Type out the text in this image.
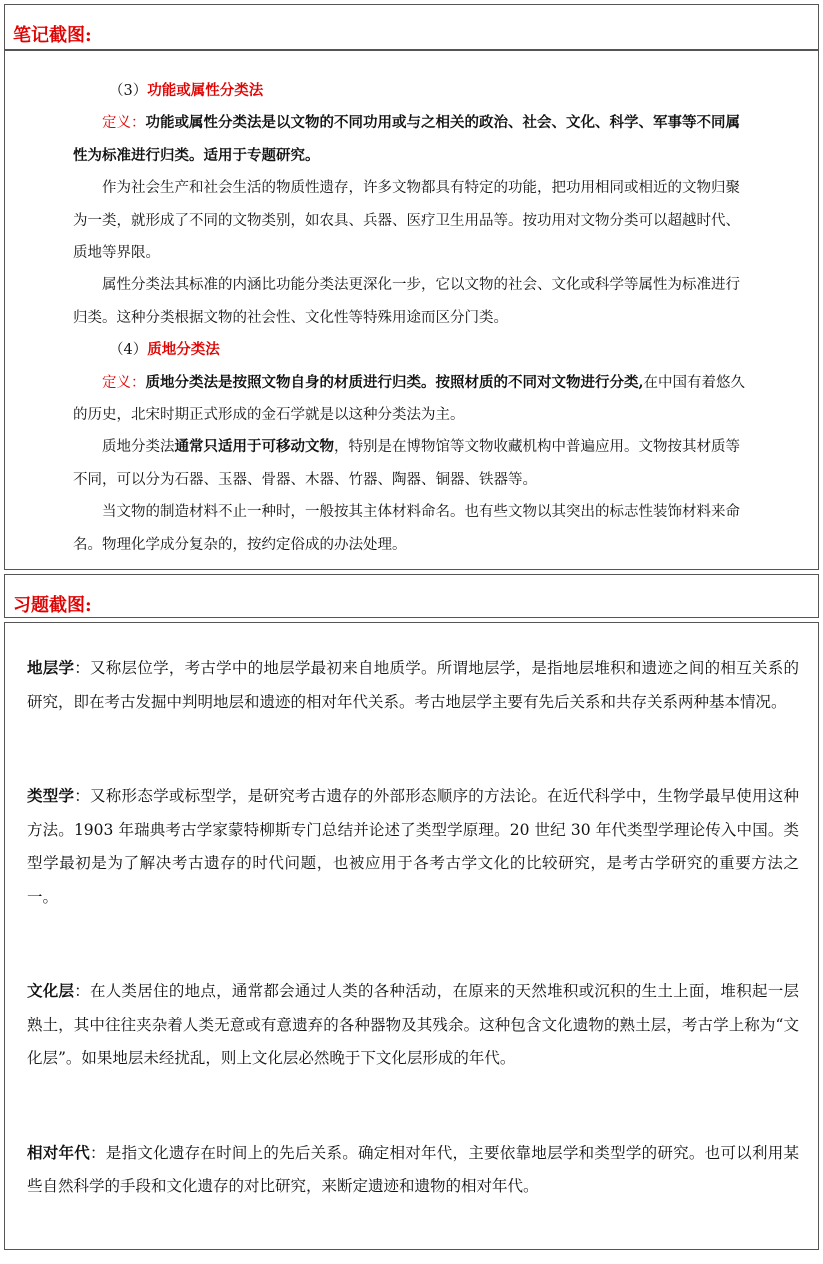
笔记截图:

（3）功能或属性分类法

定义：功能或属性分类法是以文物的不同功用或与之相关的政治、社会、文化、科学、军事等不同属性为标准进行归类。适用于专题研究。

作为社会生产和社会生活的物质性遗存，许多文物都具有特定的功能，把功用相同或相近的文物归聚为一类，就形成了不同的文物类别，如农具、兵器、医疗卫生用品等。按功用对文物分类可以超越时代、质地等界限。

属性分类法其标准的内涵比功能分类法更深化一步，它以文物的社会、文化或科学等属性为标准进行归类。这种分类根据文物的社会性、文化性等特殊用途而区分门类。

（4）质地分类法

定义：质地分类法是按照文物自身的材质进行归类。按照材质的不同对文物进行分类,在中国有着悠久的历史，北宋时期正式形成的金石学就是以这种分类法为主。

质地分类法通常只适用于可移动文物，特别是在博物馆等文物收藏机构中普遍应用。文物按其材质等不同，可以分为石器、玉器、骨器、木器、竹器、陶器、铜器、铁器等。

当文物的制造材料不止一种时，一般按其主体材料命名。也有些文物以其突出的标志性装饰材料来命名。物理化学成分复杂的，按约定俗成的办法处理。

习题截图:

地层学：又称层位学，考古学中的地层学最初来自地质学。所谓地层学，是指地层堆积和遗迹之间的相互关系的研究，即在考古发掘中判明地层和遗迹的相对年代关系。考古地层学主要有先后关系和共存关系两种基本情况。

类型学：又称形态学或标型学，是研究考古遗存的外部形态顺序的方法论。在近代科学中，生物学最早使用这种方法。1903 年瑞典考古学家蒙特柳斯专门总结并论述了类型学原理。20 世纪 30 年代类型学理论传入中国。类型学最初是为了解决考古遗存的时代问题，也被应用于各考古学文化的比较研究，是考古学研究的重要方法之一。

文化层：在人类居住的地点，通常都会通过人类的各种活动，在原来的天然堆积或沉积的生土上面，堆积起一层熟土，其中往往夹杂着人类无意或有意遗弃的各种器物及其残余。这种包含文化遗物的熟土层，考古学上称为“文化层”。如果地层未经扰乱，则上文化层必然晚于下文化层形成的年代。

相对年代：是指文化遗存在时间上的先后关系。确定相对年代，主要依靠地层学和类型学的研究。也可以利用某些自然科学的手段和文化遗存的对比研究，来断定遗迹和遗物的相对年代。
